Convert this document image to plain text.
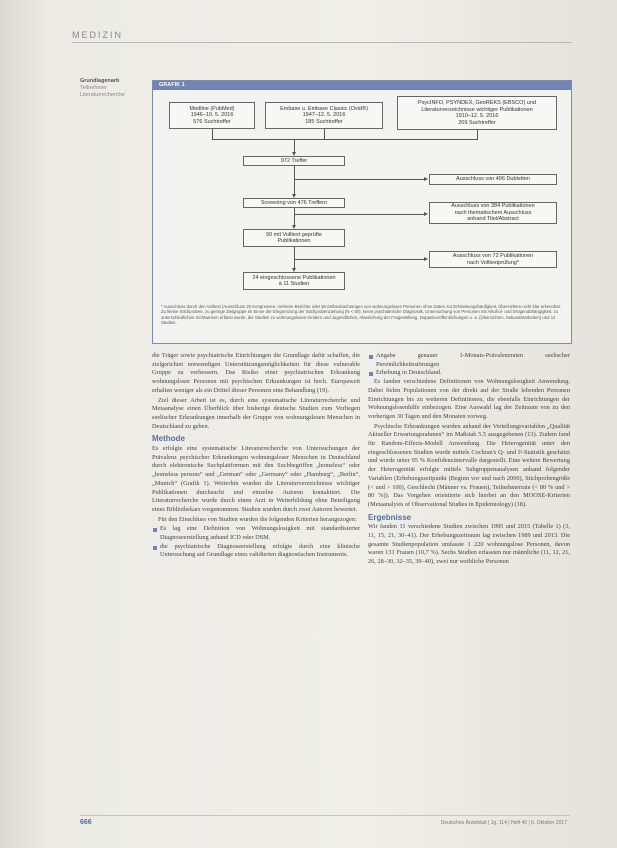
MEDIZIN
Grundlagenarb
Teilnehmer
Literaturrecherche
GRAFIK 1
Medline (PubMed)
1946–10. 5. 2016
576 Suchtreffer
Embase u. Embase Classic (Ovid®)
1947–12. 5. 2016
185 Suchtreffer
PsycINFO, PSYNDEX, GeoREKS (EBSCO) und
Literaturverzeichnisse wichtiger Publikationen
1910–12. 5. 2016
209 Suchtreffer
972 Treffer
Ausschluss von 496 Dubletten
Screening von 476 Treffern
Ausschluss von 384 Publikationen
nach thematischem Ausschluss
anhand Titel/Abstract
90 mit Volltext geprüfte
Publikationen
Ausschluss von 72 Publikationen
nach Volltextprüfung*
24 eingeschlossene Publikationen
à 11 Studien
* Ausschluss durch den Volltext (Ausschluss 25 Kongressen, mehrere Berichte oder Einzelbeobachtungen von wohnungslosen Personen ohne Daten zur Erkrankungshäufigkeit, Übersichten nicht klar erkennbar. Zu kleine Stichproben, zu geringe Zielgruppe im Sinne der Eingrenzung der Stichprobenziehung (N < 50), keine psychiatrische Diagnostik, Untersuchung von Personen mit Alkohol- und Drogenabhängigkeit, zu unterschiedlichen Sichtweisen erfasst wurde, die Studien zu wohnungslosen Kindern und Jugendlichen, Abweichung der Fragestellung, Doppelveröffentlichungen u. a. (Übersichten, Sekundärarbeiten) und 11 Studien.

die Träger sowie psychiatrische Einrichtungen die Grundlage dafür schaffen, die zielgerichtet notwendigen Unterstützungsmöglichkeiten für diese vulnerable Gruppe zu verbessern. Das Risiko einer psychiatrischen Erkrankung wohnungsloser Personen mit psychischen Erkrankungen ist hoch. Europaweit erhalten weniger als ein Drittel dieser Personen eine Behandlung (19).

Ziel dieser Arbeit ist es, durch eine systematische Literaturrecherche und Metaanalyse einen Überblick über bisherige deutsche Studien zum Vorliegen seelischer Erkrankungen innerhalb der Gruppe von wohnungslosen Menschen in Deutschland zu geben.

Methode

Es erfolgte eine systematische Literaturrecherche von Untersuchungen der Prävalenz psychischer Erkrankungen wohnungsloser Menschen in Deutschland durch elektronische Suchplattformen mit den Suchbegriffen „homeless“ oder „homeless persons“ und „German“ oder „Germany“ oder „Hamburg“, „Berlin“, „Munich“ (Grafik 1). Weiterhin wurden die Literaturverzeichnisse wichtiger Publikationen durchsucht und einzelne Autoren kontaktiert. Die Literaturrecherche wurde durch einen Arzt in Weiterbildung ohne Beteiligung eines Bibliothekars vorgenommen. Studien wurden durch zwei Autoren bewertet.

Für den Einschluss von Studien wurden die folgenden Kriterien herangezogen:

Es lag eine Definition von Wohnungslosigkeit mit standardisierter Diagnoseerstellung anhand ICD oder DSM.
die psychiatrische Diagnoseerstellung erfolgte durch eine klinische Untersuchung auf Grundlage eines validierten diagnostischen Instruments.
Angabe genauer 1-Monats-Prävalenzraten seelischer Persönlichkeitsstörungen
Erhebung in Deutschland.

Es fanden verschiedene Definitionen von Wohnungslosigkeit Anwendung. Dabei fielen Populationen von der direkt auf der Straße lebenden Personen Einrichtungen bis zu weiteren Definitionen, die ebenfalls Einrichtungen der Wohnungslosenhilfe einbezogen. Eine Auswahl lag der Zeitraum von zu den vorherigen 30 Tagen und den Monaten vorweg.

Psychische Erkrankungen wurden anhand der Verteilungsvariablen „Qualität Aktueller Erwartungsrahmen“ im Maßstab 5.5 ausgegebenen (13). Zudem fand für Random-Effects-Modell Anwendung. Die Heterogenität unter den eingeschlossenen Studien wurde mittels Cochran's Q- und I²-Statistik geschätzt und wurde unter 95 % Konfidenzintervalle dargestellt. Eine weitere Bewertung der Heterogenität erfolgte mittels Subgruppenanalysen anhand folgender Variablen (Erhebungszeitpunkt (Beginn vor und nach 2000), Stichprobengröße (< und > 100), Geschlecht (Männer vs. Frauen), Teilnehmerrate (< 80 % und > 80 %)). Das Vorgehen orientierte sich hierbei an den MOOSE-Kriterien (Metaanalysis of Observational Studies in Epidemiology) (18).

Ergebnisse

Wir fanden 11 verschiedene Studien zwischen 1995 und 2015 (Tabelle 1) (3, 11, 15, 21, 30–41). Der Erhebungszeitraum lag zwischen 1989 und 2013. Die gesamte Studienpopulation umfasste 1 220 wohnungslose Personen, davon waren 131 Frauen (10,7 %). Sechs Studien erfassten nur männliche (11, 12, 21, 26, 28–30, 32–35, 39–40), zwei nur weibliche Personen

666	Deutsches Ärzteblatt | Jg. 114 | Heft 40 | 6. Oktober 2017
